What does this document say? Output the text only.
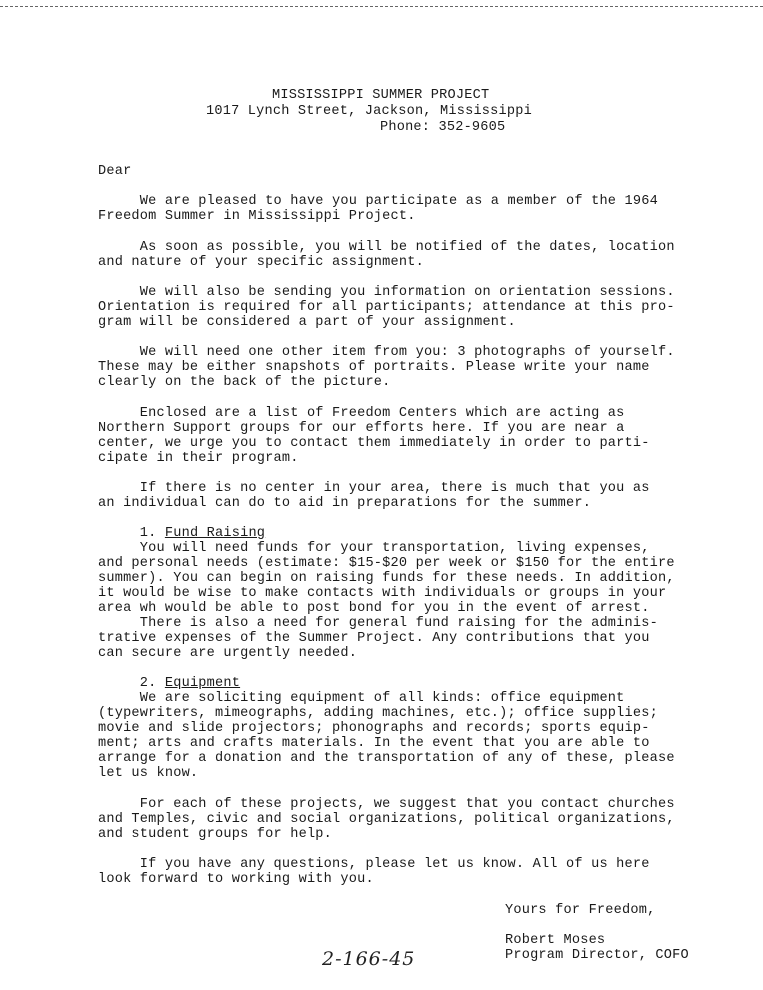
MISSISSIPPI SUMMER PROJECT
1017 Lynch Street, Jackson, Mississippi
Phone: 352-9605
Dear
We are pleased to have you participate as a member of the 1964
Freedom Summer in Mississippi Project.
As soon as possible, you will be notified of the dates, location
and nature of your specific assignment.
We will also be sending you information on orientation sessions.
Orientation is required for all participants; attendance at this pro-
gram will be considered a part of your assignment.
We will need one other item from you: 3 photographs of yourself.
These may be either snapshots of portraits. Please write your name
clearly on the back of the picture.
Enclosed are a list of Freedom Centers which are acting as
Northern Support groups for our efforts here. If you are near a
center, we urge you to contact them immediately in order to parti-
cipate in their program.
If there is no center in your area, there is much that you as
an individual can do to aid in preparations for the summer.
1. Fund Raising
You will need funds for your transportation, living expenses,
and personal needs (estimate: $15-$20 per week or $150 for the entire
summer). You can begin on raising funds for these needs. In addition,
it would be wise to make contacts with individuals or groups in your
area wh would be able to post bond for you in the event of arrest.
There is also a need for general fund raising for the adminis-
trative expenses of the Summer Project. Any contributions that you
can secure are urgently needed.
2. Equipment
We are soliciting equipment of all kinds: office equipment
(typewriters, mimeographs, adding machines, etc.); office supplies;
movie and slide projectors; phonographs and records; sports equip-
ment; arts and crafts materials. In the event that you are able to
arrange for a donation and the transportation of any of these, please
let us know.
For each of these projects, we suggest that you contact churches
and Temples, civic and social organizations, political organizations,
and student groups for help.
If you have any questions, please let us know. All of us here
look forward to working with you.
Yours for Freedom,
Robert Moses
Program Director, COFO
2-166-45
